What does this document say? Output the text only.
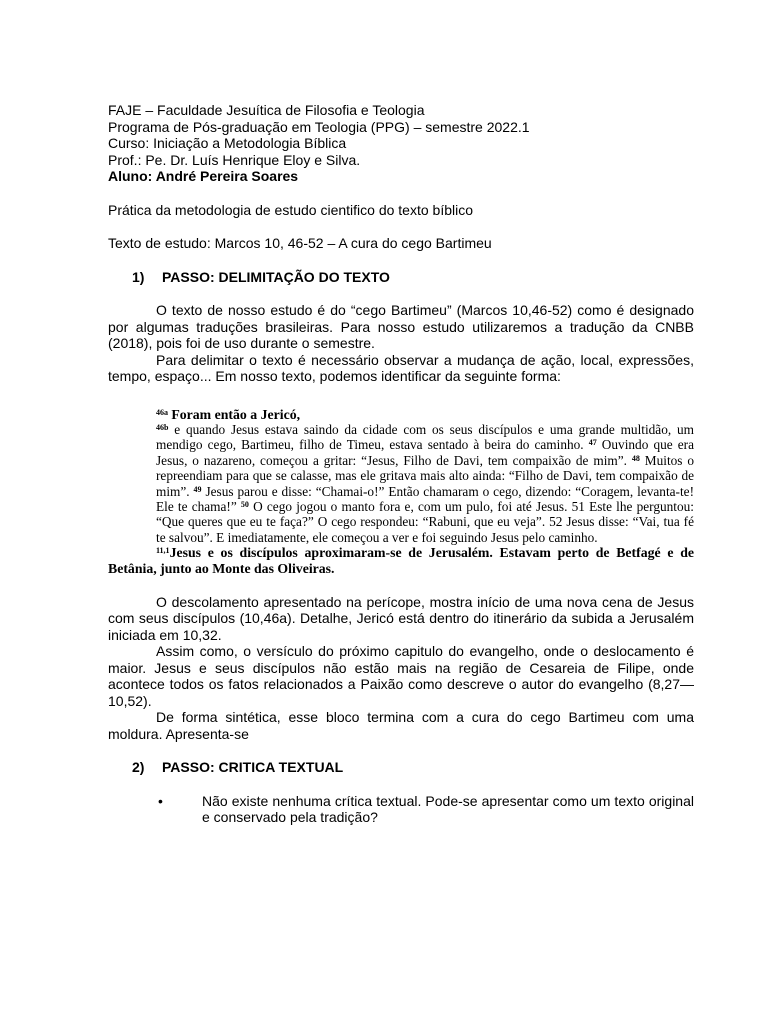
FAJE – Faculdade Jesuítica de Filosofia e Teologia
Programa de Pós-graduação em Teologia (PPG) – semestre 2022.1
Curso: Iniciação a Metodologia Bíblica
Prof.: Pe. Dr. Luís Henrique Eloy e Silva.
Aluno: André Pereira Soares
Prática da metodologia de estudo cientifico do texto bíblico
Texto de estudo: Marcos 10, 46-52 – A cura do cego Bartimeu
1)	PASSO: DELIMITAÇÃO DO TEXTO

O texto de nosso estudo é do “cego Bartimeu” (Marcos 10,46-52) como é designado por algumas traduções brasileiras. Para nosso estudo utilizaremos a tradução da CNBB (2018), pois foi de uso durante o semestre.

Para delimitar o texto é necessário observar a mudança de ação, local, expressões, tempo, espaço... Em nosso texto, podemos identificar da seguinte forma:

$^{46a}$ Foram então a Jericó,
$^{46b}$ e quando Jesus estava saindo da cidade com os seus discípulos e uma grande multidão, um mendigo cego, Bartimeu, filho de Timeu, estava sentado à beira do caminho. $^{47}$ Ouvindo que era Jesus, o nazareno, começou a gritar: “Jesus, Filho de Davi, tem compaixão de mim”. $^{48}$ Muitos o repreendiam para que se calasse, mas ele gritava mais alto ainda: “Filho de Davi, tem compaixão de mim”. $^{49}$ Jesus parou e disse: “Chamai-o!” Então chamaram o cego, dizendo: “Coragem, levanta-te! Ele te chama!” $^{50}$ O cego jogou o manto fora e, com um pulo, foi até Jesus. 51 Este lhe perguntou: “Que queres que eu te faça?” O cego respondeu: “Rabuni, que eu veja”. 52 Jesus disse: “Vai, tua fé te salvou”. E imediatamente, ele começou a ver e foi seguindo Jesus pelo caminho.
$^{11,1}$Jesus e os discípulos aproximaram-se de Jerusalém. Estavam perto de Betfagé e de Betânia, junto ao Monte das Oliveiras.

O descolamento apresentado na perícope, mostra início de uma nova cena de Jesus com seus discípulos (10,46a). Detalhe, Jericó está dentro do itinerário da subida a Jerusalém iniciada em 10,32.

Assim como, o versículo do próximo capitulo do evangelho, onde o deslocamento é maior. Jesus e seus discípulos não estão mais na região de Cesareia de Filipe, onde acontece todos os fatos relacionados a Paixão como descreve o autor do evangelho (8,27—10,52).

De forma sintética, esse bloco termina com a cura do cego Bartimeu com uma moldura. Apresenta-se

2)	PASSO: CRITICA TEXTUAL
•	Não existe nenhuma crítica textual. Pode-se apresentar como um texto original e conservado pela tradição?
